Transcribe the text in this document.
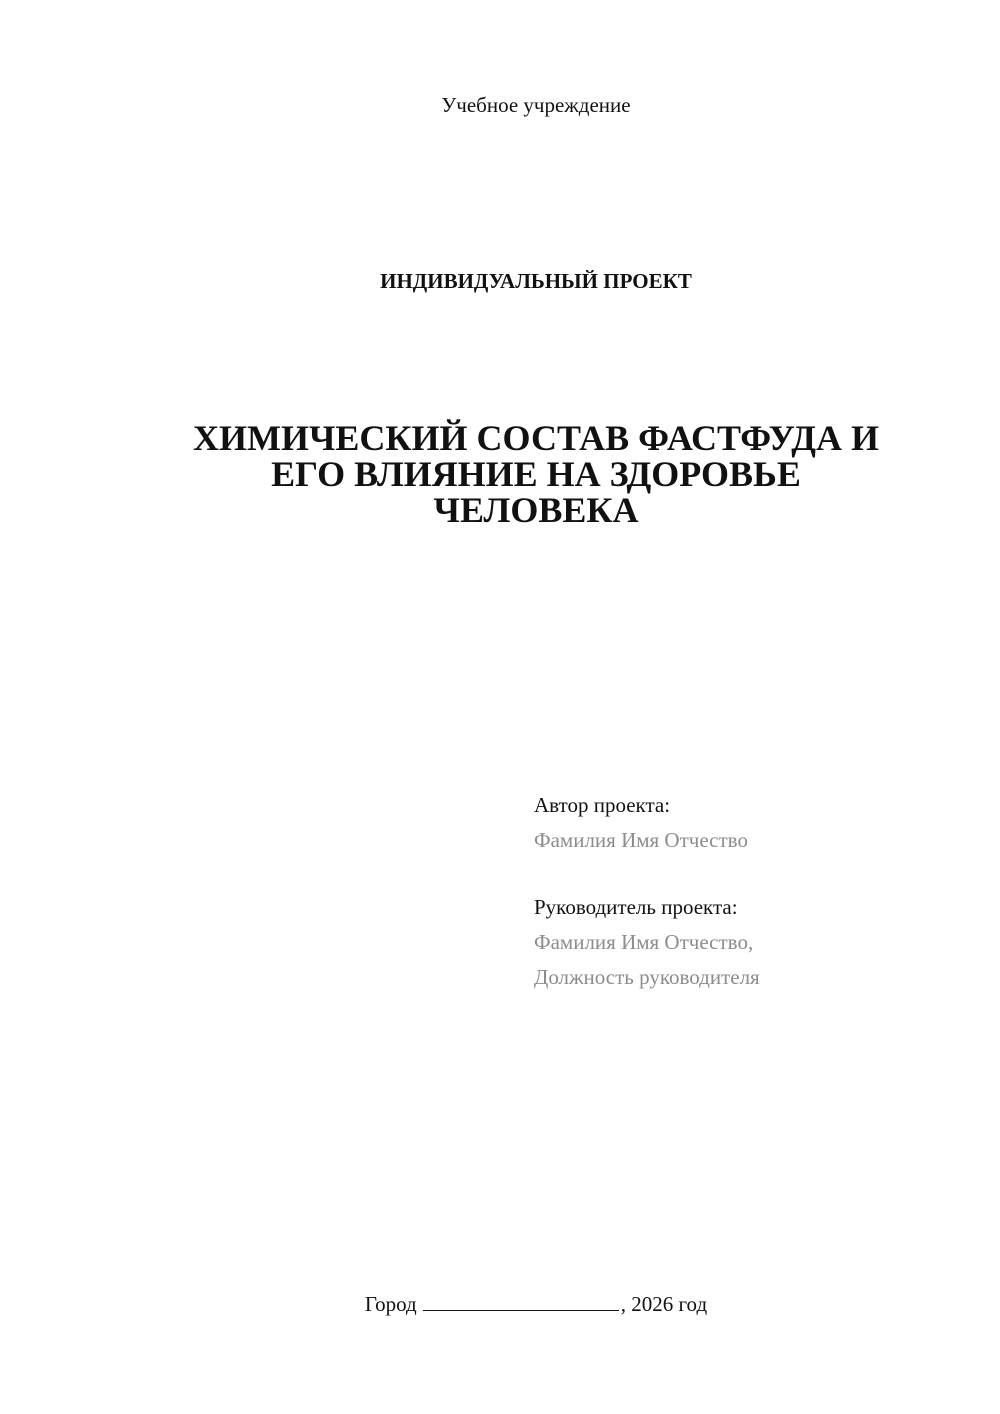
Учебное учреждение
ИНДИВИДУАЛЬНЫЙ ПРОЕКТ
ХИМИЧЕСКИЙ СОСТАВ ФАСТФУДА И
ЕГО ВЛИЯНИЕ НА ЗДОРОВЬЕ
ЧЕЛОВЕКА
Автор проекта:
Фамилия Имя Отчество
Руководитель проекта:
Фамилия Имя Отчество,
Должность руководителя
Город	, 2026 год
